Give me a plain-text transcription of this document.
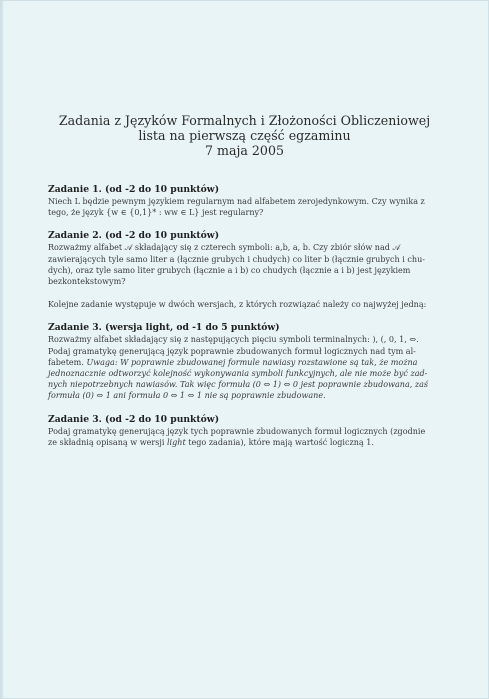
Zadania z Języków Formalnych i Złożoności Obliczeniowej
lista na pierwszą część egzaminu
7 maja 2005
Zadanie 1. (od -2 do 10 punktów)
Niech L będzie pewnym językiem regularnym nad alfabetem zerojedynkowym. Czy wynika z
tego, że język {w ∈ {0,1}* : ww ∈ L} jest regularny?
Zadanie 2. (od -2 do 10 punktów)
Rozważmy alfabet 𝒜 składający się z czterech symboli: a,b, a, b. Czy zbiór słów nad 𝒜
zawierających tyle samo liter a (łącznie grubych i chudych) co liter b (łącznie grubych i chu-
dych), oraz tyle samo liter grubych (łącznie a i b) co chudych (łącznie a i b) jest językiem
bezkontekstowym?
Kolejne zadanie występuje w dwóch wersjach, z których rozwiązać należy co najwyżej jedną:
Zadanie 3. (wersja light, od -1 do 5 punktów)
Rozważmy alfabet składający się z następujących pięciu symboli terminalnych: ), (, 0, 1, ⇔.
Podaj gramatykę generującą język poprawnie zbudowanych formuł logicznych nad tym al-
fabetem. Uwaga: W poprawnie zbudowanej formule nawiasy rozstawione są tak, że można
jednoznacznie odtworzyć kolejność wykonywania symboli funkcyjnych, ale nie może być zad-
nych niepotrzebnych nawiasów. Tak więc formuła (0 ⇔ 1) ⇔ 0 jest poprawnie zbudowana, zaś
formuła (0) ⇔ 1 ani formuła 0 ⇔ 1 ⇔ 1 nie są poprawnie zbudowane.
Zadanie 3. (od -2 do 10 punktów)
Podaj gramatykę generującą język tych poprawnie zbudowanych formuł logicznych (zgodnie
ze składnią opisaną w wersji light tego zadania), które mają wartość logiczną 1.
